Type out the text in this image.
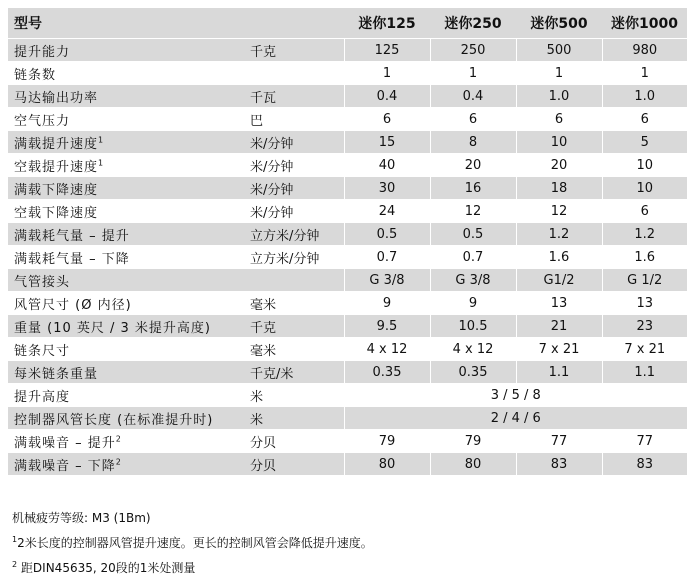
型号		迷你125	迷你250	迷你500	迷你1000
提升能力	千克	125	250	500	980
链条数		1	1	1	1
马达输出功率	千瓦	0.4	0.4	1.0	1.0
空气压力	巴	6	6	6	6
满载提升速度$^1$	米/分钟	15	8	10	5
空载提升速度$^1$	米/分钟	40	20	20	10
满载下降速度	米/分钟	30	16	18	10
空载下降速度	米/分钟	24	12	12	6
满载耗气量 – 提升	立方米/分钟	0.5	0.5	1.2	1.2
满载耗气量 – 下降	立方米/分钟	0.7	0.7	1.6	1.6
气管接头		G 3/8	G 3/8	G1/2	G 1/2
风管尺寸 (Ø 内径)	毫米	9	9	13	13
重量 (10 英尺 / 3 米提升高度)	千克	9.5	10.5	21	23
链条尺寸	毫米	4 x 12	4 x 12	7 x 21	7 x 21
每米链条重量	千克/米	0.35	0.35	1.1	1.1
提升高度	米	3 / 5 / 8			
控制器风管长度 (在标准提升时)	米	2 / 4 / 6			
满载噪音 – 提升$^2$	分贝	79	79	77	77
满载噪音 – 下降$^2$	分贝	80	80	83	83
机械疲劳等级: M3 (1Bm)
$^1$2米长度的控制器风管提升速度。更长的控制风管会降低提升速度。
$^2$ 距DIN45635, 20段的1米处测量
